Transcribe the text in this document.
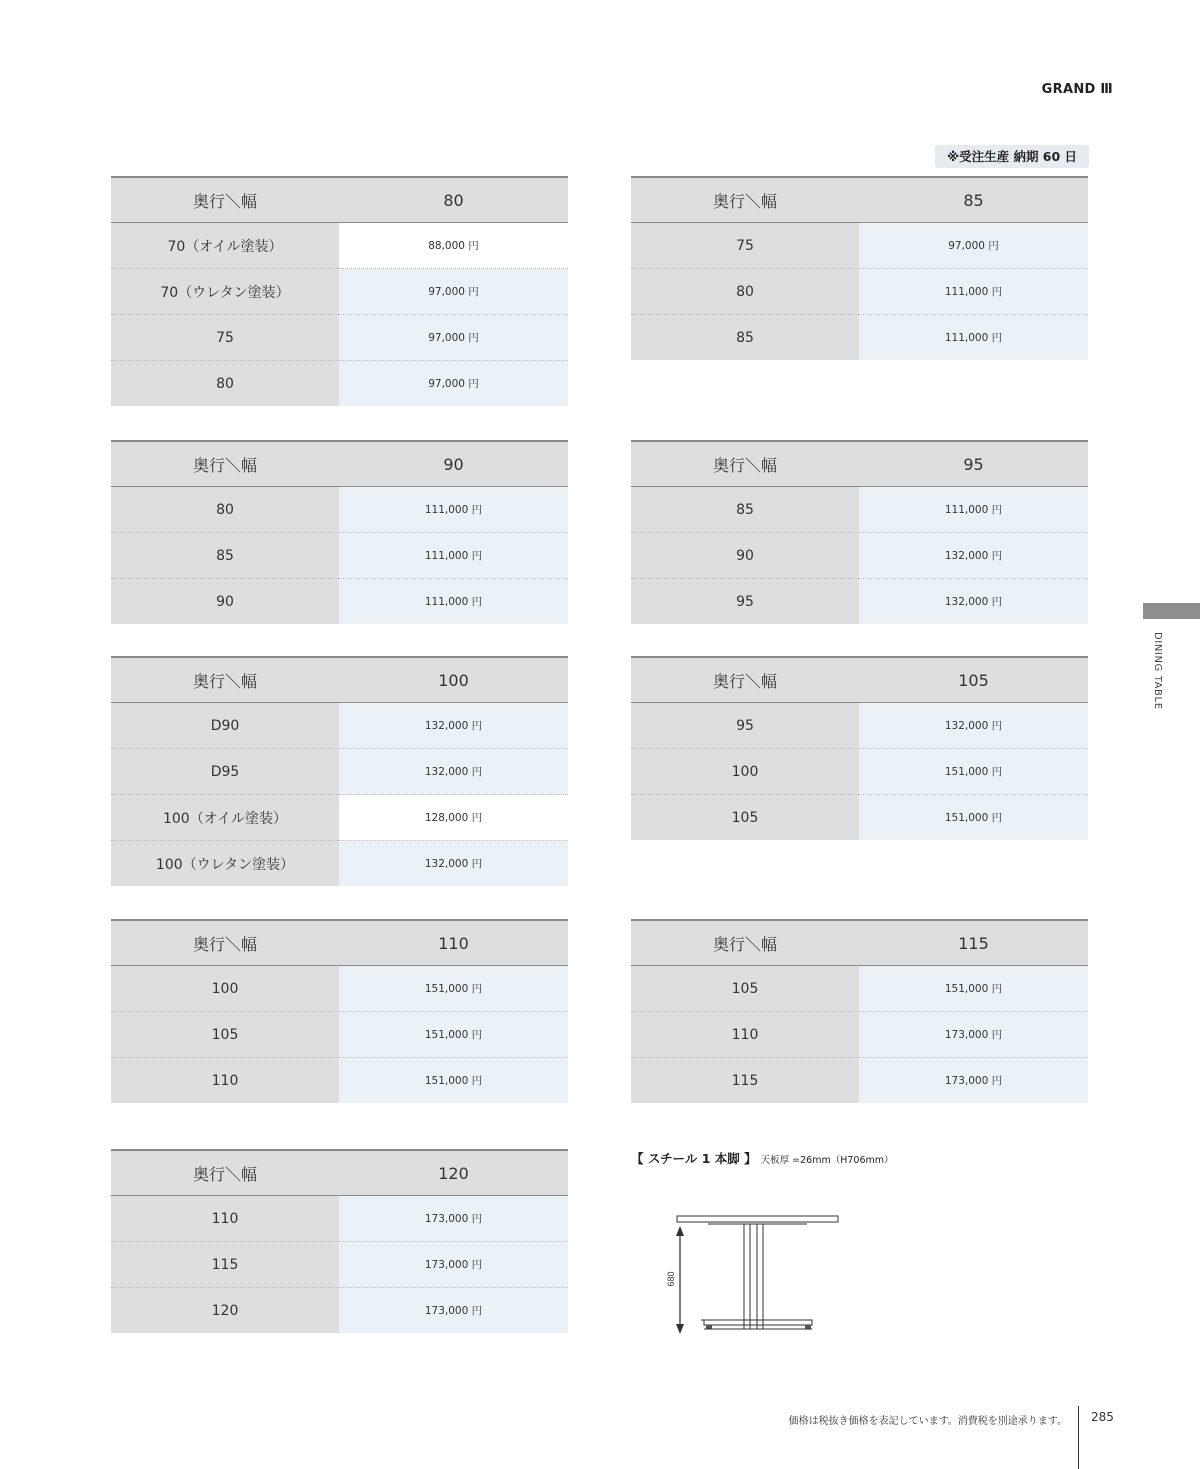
GRAND Ⅲ
※受注生産 納期 60 日
奥行＼幅	80
70（オイル塗装）	88,000 円
70（ウレタン塗装）	97,000 円
75	97,000 円
80	97,000 円
奥行＼幅	85
75	97,000 円
80	111,000 円
85	111,000 円
奥行＼幅	90
80	111,000 円
85	111,000 円
90	111,000 円
奥行＼幅	95
85	111,000 円
90	132,000 円
95	132,000 円
奥行＼幅	100
D90	132,000 円
D95	132,000 円
100（オイル塗装）	128,000 円
100（ウレタン塗装）	132,000 円
奥行＼幅	105
95	132,000 円
100	151,000 円
105	151,000 円
奥行＼幅	110
100	151,000 円
105	151,000 円
110	151,000 円
奥行＼幅	115
105	151,000 円
110	173,000 円
115	173,000 円
奥行＼幅	120
110	173,000 円
115	173,000 円
120	173,000 円
DINING TABLE
【 スチール 1 本脚 】 天板厚 =26mm（H706mm）
680
価格は税抜き価格を表記しています。消費税を別途承ります。 285
